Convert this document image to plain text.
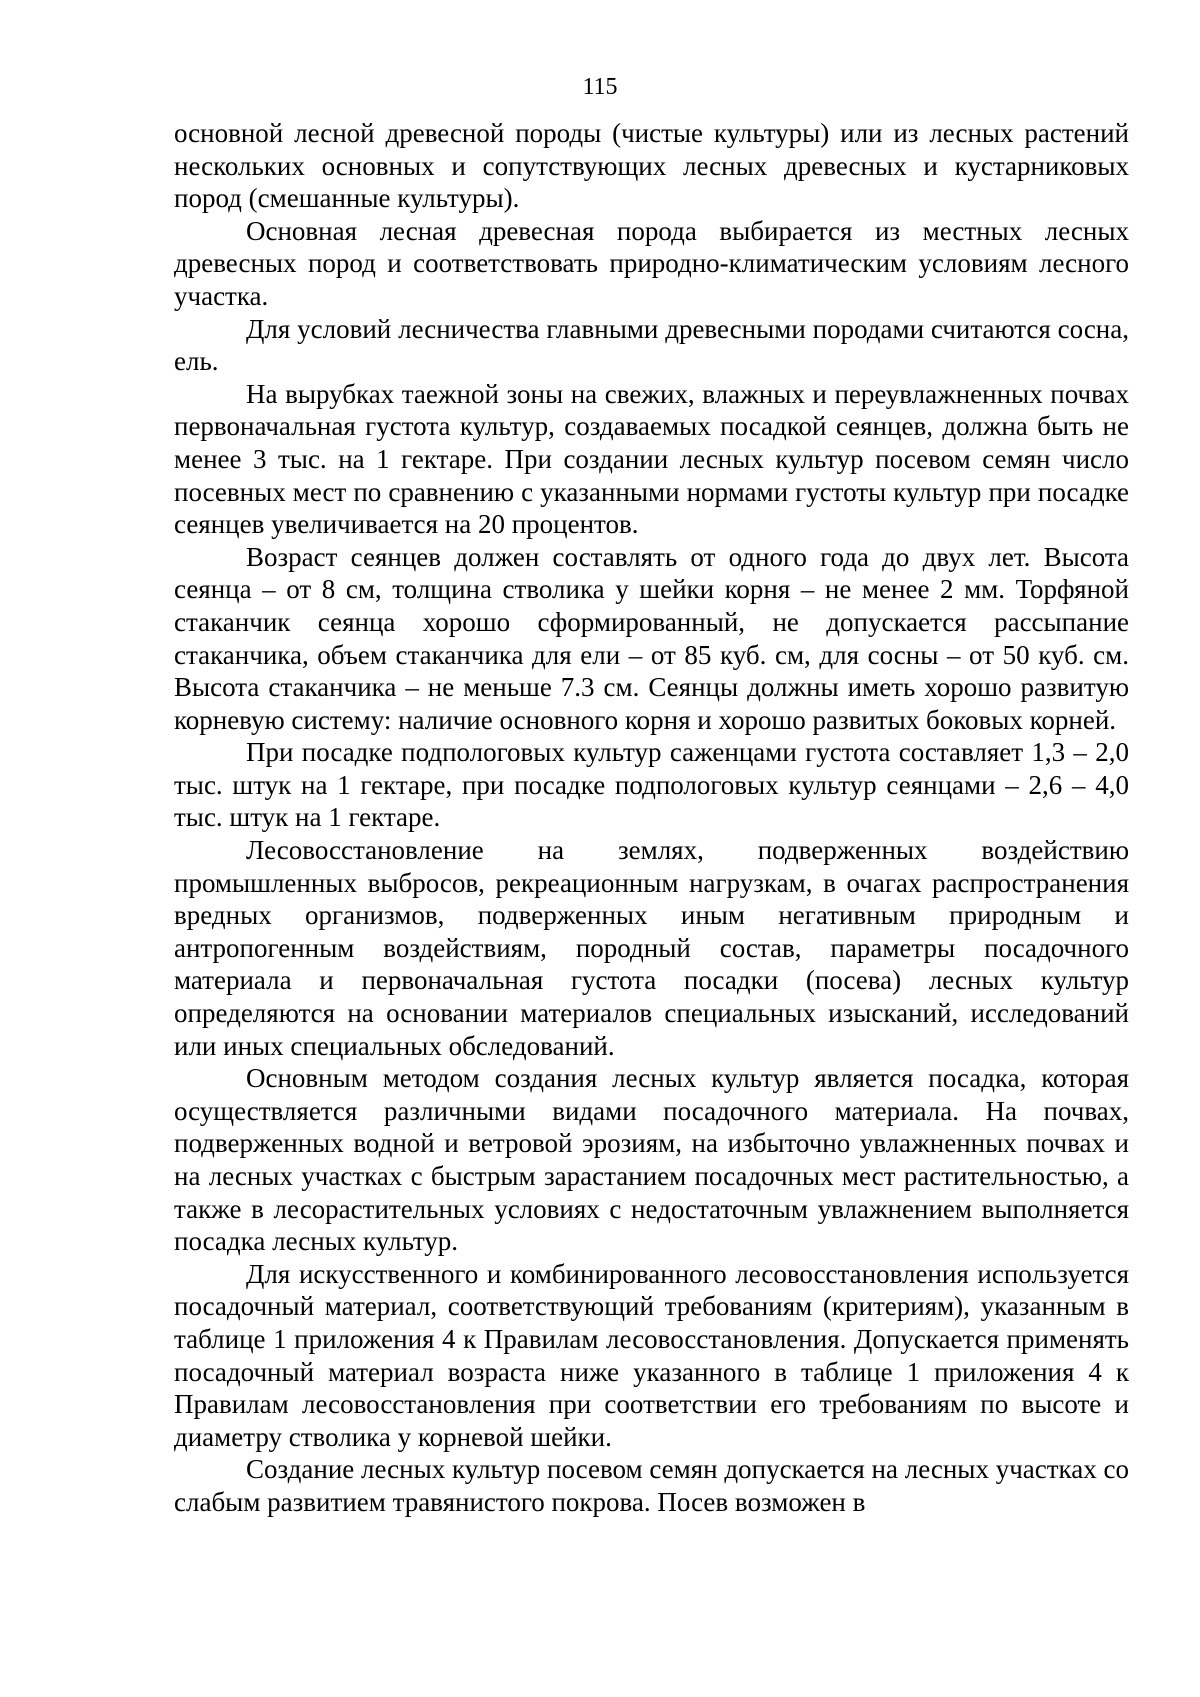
115

основной лесной древесной породы (чистые культуры) или из лесных растений нескольких основных и сопутствующих лесных древесных и кустарниковых пород (смешанные культуры).

Основная лесная древесная порода выбирается из местных лесных древесных пород и соответствовать природно-климатическим условиям лесного участка.

Для условий лесничества главными древесными породами считаются сосна, ель.

На вырубках таежной зоны на свежих, влажных и переувлажненных почвах первоначальная густота культур, создаваемых посадкой сеянцев, должна быть не менее 3 тыс. на 1 гектаре. При создании лесных культур посевом семян число посевных мест по сравнению с указанными нормами густоты культур при посадке сеянцев увеличивается на 20 процентов.

Возраст сеянцев должен составлять от одного года до двух лет. Высота сеянца – от 8 см, толщина стволика у шейки корня – не менее 2 мм. Торфяной стаканчик сеянца хорошо сформированный, не допускается рассыпание стаканчика, объем стаканчика для ели – от 85 куб. см, для сосны – от 50 куб. см. Высота стаканчика – не меньше 7.3 см. Сеянцы должны иметь хорошо развитую корневую систему: наличие основного корня и хорошо развитых боковых корней.

При посадке подпологовых культур саженцами густота составляет 1,3 – 2,0 тыс. штук на 1 гектаре, при посадке подпологовых культур сеянцами – 2,6 – 4,0 тыс. штук на 1 гектаре.

Лесовосстановление на землях, подверженных воздействию промышленных выбросов, рекреационным нагрузкам, в очагах распространения вредных организмов, подверженных иным негативным природным и антропогенным воздействиям, породный состав, параметры посадочного материала и первоначальная густота посадки (посева) лесных культур определяются на основании материалов специальных изысканий, исследований или иных специальных обследований.

Основным методом создания лесных культур является посадка, которая осуществляется различными видами посадочного материала. На почвах, подверженных водной и ветровой эрозиям, на избыточно увлажненных почвах и на лесных участках с быстрым зарастанием посадочных мест растительностью, а также в лесорастительных условиях с недостаточным увлажнением выполняется посадка лесных культур.

Для искусственного и комбинированного лесовосстановления используется посадочный материал, соответствующий требованиям (критериям), указанным в таблице 1 приложения 4 к Правилам лесовосстановления. Допускается применять посадочный материал возраста ниже указанного в таблице 1 приложения 4 к Правилам лесовосстановления при соответствии его требованиям по высоте и диаметру стволика у корневой шейки.

Создание лесных культур посевом семян допускается на лесных участках со слабым развитием травянистого покрова. Посев возможен в
